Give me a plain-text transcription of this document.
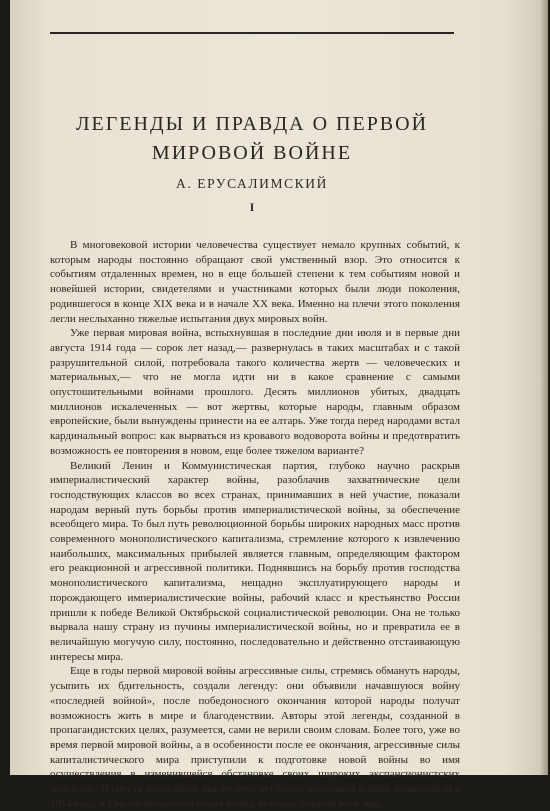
ЛЕГЕНДЫ И ПРАВДА О ПЕРВОЙ
МИРОВОЙ ВОЙНЕ
А. ЕРУСАЛИМСКИЙ
I

В многовековой истории человечества существует немало крупных событий, к которым народы постоянно обращают свой умственный взор. Это относится к событиям отдаленных времен, но в еще большей степени к тем событиям новой и новейшей истории, свидетелями и участниками которых были люди поколения, родившегося в конце XIX века и в начале XX века. Именно на плечи этого поколения легли неслыханно тяжелые испытания двух мировых войн.

Уже первая мировая война, вспыхнувшая в последние дни июля и в первые дни августа 1914 года — сорок лет назад,— развернулась в таких масштабах и с такой разрушительной силой, потребовала такого количества жертв — человеческих и материальных,— что не могла идти ни в какое сравнение с самыми опустошительными войнами прошлого. Десять миллионов убитых, двадцать миллионов искалеченных — вот жертвы, которые народы, главным образом европейские, были вынуждены принести на ее алтарь. Уже тогда перед народами встал кардинальный вопрос: как вырваться из кровавого водоворота войны и предотвратить возможность ее повторения в новом, еще более тяжелом варианте?

Великий Ленин и Коммунистическая партия, глубоко научно раскрыв империалистический характер войны, разоблачив захватнические цели господствующих классов во всех странах, принимавших в ней участие, показали народам верный путь борьбы против империалистической войны, за обеспечение всеобщего мира. То был путь революционной борьбы широких народных масс против современного монополистического капитализма, стремление которого к извлечению наибольших, максимальных прибылей является главным, определяющим фактором его реакционной и агрессивной политики. Поднявшись на борьбу против господства монополистического капитализма, нещадно эксплуатирующего народы и порождающего империалистические войны, рабочий класс и крестьянство России пришли к победе Великой Октябрьской социалистической революции. Она не только вырвала нашу страну из пучины империалистической войны, но и превратила ее в величайшую могучую силу, постоянно, последовательно и действенно отстаивающую интересы мира.

Еще в годы первой мировой войны агрессивные силы, стремясь обмануть народы, усыпить их бдительность, создали легенду: они объявили начавшуюся войну «последней войной», после победоносного окончания которой народы получат возможность жить в мире и благоденствии. Авторы этой легенды, созданной в пропагандистских целях, разумеется, сами не верили своим словам. Более того, уже во время первой мировой войны, а в особенности после ее окончания, агрессивные силы капиталистического мира приступили к подготовке новой войны во имя осуществления в изменившейся обстановке своих широких экспансионистских замыслов. И спустя всего лишь два десятка лет после окончания войны, развязанной в 1914 году, в Европе вспыхнула новая война, которая, охватив весь мир,
